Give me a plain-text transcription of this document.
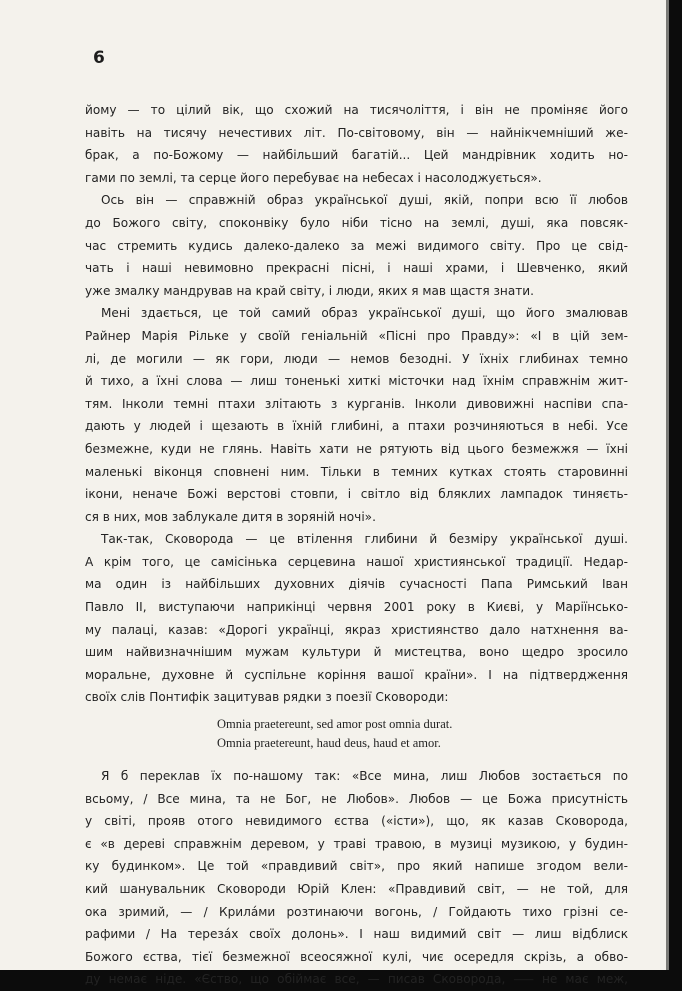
6
йому — то цілий вік, що схожий на тисячоліття, і він не проміняє його
навіть на тисячу нечестивих літ. По-світовому, він — найнікчемніший же-
брак, а по-Божому — найбільший багатій... Цей мандрівник ходить но-
гами по землі, та серце його перебуває на небесах і насолоджується».
Ось він — справжній образ української душі, якій, попри всю її любов
до Божого світу, споконвіку було ніби тісно на землі, душі, яка повсяк-
час стремить кудись далеко-далеко за межі видимого світу. Про це свід-
чать і наші невимовно прекрасні пісні, і наші храми, і Шевченко, який
уже змалку мандрував на край світу, і люди, яких я мав щастя знати.
Мені здається, це той самий образ української душі, що його змалював
Райнер Марія Рільке у своїй геніальній «Пісні про Правду»: «І в цій зем-
лі, де могили — як гори, люди — немов безодні. У їхніх глибинах темно
й тихо, а їхні слова — лиш тоненькі хиткі місточки над їхнім справжнім жит-
тям. Інколи темні птахи злітають з курганів. Інколи дивовижні наспіви спа-
дають у людей і щезають в їхній глибині, а птахи розчиняються в небі. Усе
безмежне, куди не глянь. Навіть хати не рятують від цього безмежжя — їхні
маленькі віконця сповнені ним. Тільки в темних кутках стоять старовинні
ікони, неначе Божі верстові стовпи, і світло від бляклих лампадок тиняєть-
ся в них, мов заблукале дитя в зоряній ночі».
Так-так, Сковорода — це втілення глибини й безміру української душі.
А крім того, це самісінька серцевина нашої християнської традиції. Недар-
ма один із найбільших духовних діячів сучасності Папа Римський Іван
Павло II, виступаючи наприкінці червня 2001 року в Києві, у Маріїнсько-
му палаці, казав: «Дорогі українці, якраз християнство дало натхнення ва-
шим найвизначнішим мужам культури й мистецтва, воно щедро зросило
моральне, духовне й суспільне коріння вашої країни». І на підтвердження
своїх слів Понтифік зацитував рядки з поезії Сковороди:
Omnia praetereunt, sed amor post omnia durat.
Omnia praetereunt, haud deus, haud et amor.
Я б переклав їх по-нашому так: «Все мина, лиш Любов зостається по
всьому, / Все мина, та не Бог, не Любов». Любов — це Божа присутність
у світі, прояв отого невидимого єства («істи»), що, як казав Сковорода,
є «в дереві справжнім деревом, у траві травою, в музиці музикою, у будин-
ку будинком». Це той «правдивий світ», про який напише згодом вели-
кий шанувальник Сковороди Юрій Клен: «Правдивий світ, — не той, для
ока зримий, — / Крилáми розтинаючи вогонь, / Гойдають тихо грізні се-
рафими / На терезáх своїх долонь». І наш видимий світ — лиш відблиск
Божого єства, тієї безмежної всеосяжної кулі, чиє осередля скрізь, а обво-
ду немає ніде. «Єство, що обіймає все, — писав Сковорода, ⸺ не має меж,
